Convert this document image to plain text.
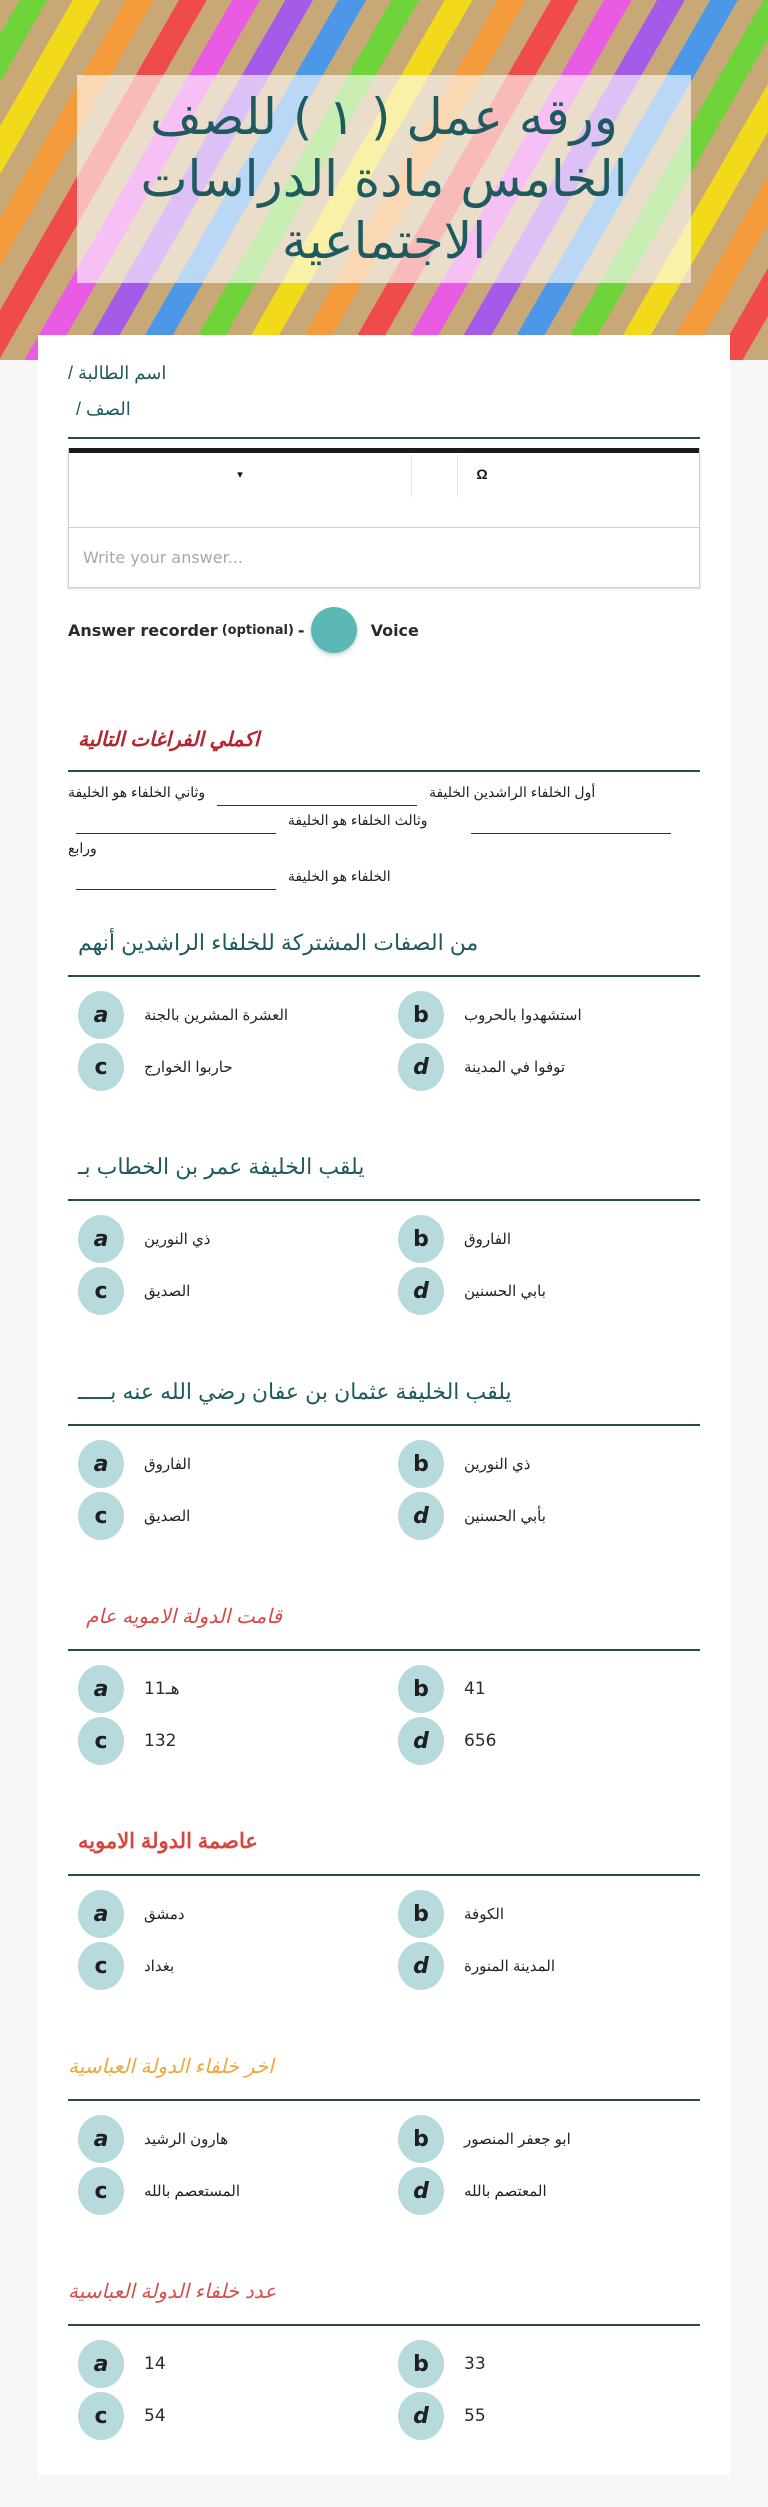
ورقه عمل ( ١ ) للصف الخامس مادة الدراسات الاجتماعية
اسم الطالبة /
الصف /
▾	Ω
Write your answer...
Answer recorder (optional) -	Voice
اكملي الفراغات التالية
أول الخلفاء الراشدين الخليفة  وثاني الخلفاء هو الخليفة
وثالث الخلفاء هو الخليفة  ورابع
الخلفاء هو الخليفة
من الصفات المشتركة للخلفاء الراشدين أنهم
a	العشرة المشرين بالجنة	b	استشهدوا بالحروب
c	حاربوا الخوارج	d	توفوا في المدينة
يلقب الخليفة عمر بن الخطاب بـ
a	ذي النورين	b	الفاروق
c	الصديق	d	بابي الحسنين
يلقب الخليفة عثمان بن عفان رضي الله عنه بـــــ
a	الفاروق	b	ذي النورين
c	الصديق	d	بأبي الحسنين
قامت الدولة الامويه عام
a	11هـ	b	41
c	132	d	656
عاصمة الدولة الامويه
a	دمشق	b	الكوفة
c	بغداد	d	المدينة المنورة
اخر خلفاء الدولة العباسية
a	هارون الرشيد	b	ابو جعفر المنصور
c	المستعصم بالله	d	المعتصم بالله
عدد خلفاء الدولة العباسية
a	14	b	33
c	54	d	55
